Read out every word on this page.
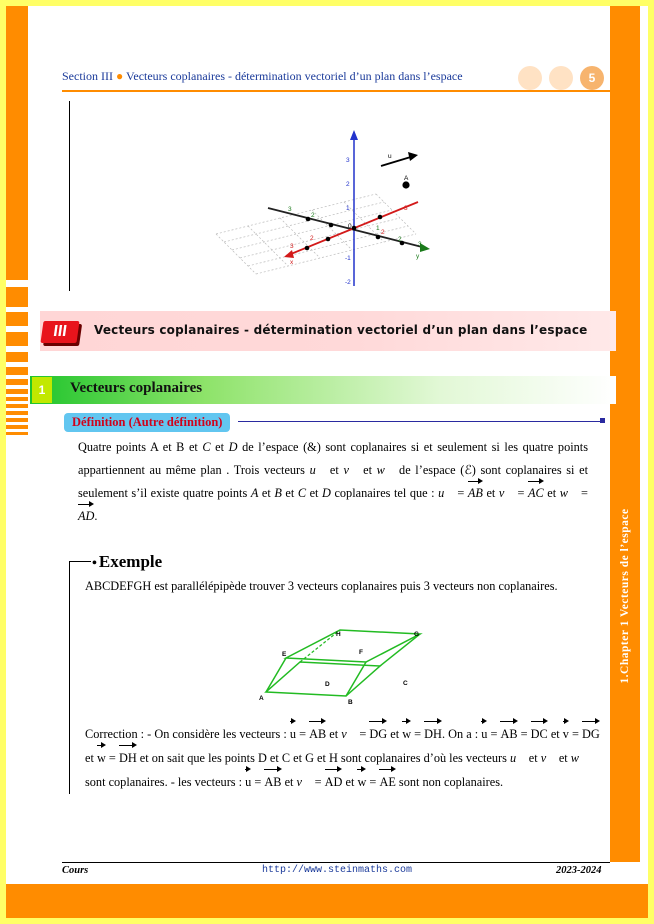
1.Chapter 1 Vecteurs de l’espace
Section III ● Vecteurs coplanaires - détermination vectoriel d’un plan dans l’espace	5
3
2
1
-1
-2
2
3
2
3
1
2
3
2
3
A
u
x
y
0
III	Vecteurs coplanaires - détermination vectoriel d’un plan dans l’espace
1	Vecteurs coplanaires
Définition (Autre définition)
Quatre points A et B et C et D de l’espace (&) sont coplanaires si et seulement si les quatre points appartiennent au même plan . Trois vecteurs u⃗ et v⃗ et w⃗ de l’espace (ℰ) sont coplanaires si et seulement s’il existe quatre points A et B et C et D coplanaires tel que : u⃗ = AB et v⃗ = AC et w⃗ = AD.
• Exemple
ABCDEFGH est parallélépipède trouver 3 vecteurs coplanaires puis 3 vecteurs non coplanaires.
A
B
C
D
E	F
G
H
Correction : - On considère les vecteurs : u = AB et v⃗ = DG et w = DH. On a : u = AB = DC et v = DG et w = DH et on sait que les points D et C et G et H sont coplanaires d’où les vecteurs u⃗ et v⃗ et w⃗ sont coplanaires. - les vecteurs : u = AB et v⃗ = AD et w = AE sont non coplanaires.
Cours	http://www.steinmaths.com	2023-2024
